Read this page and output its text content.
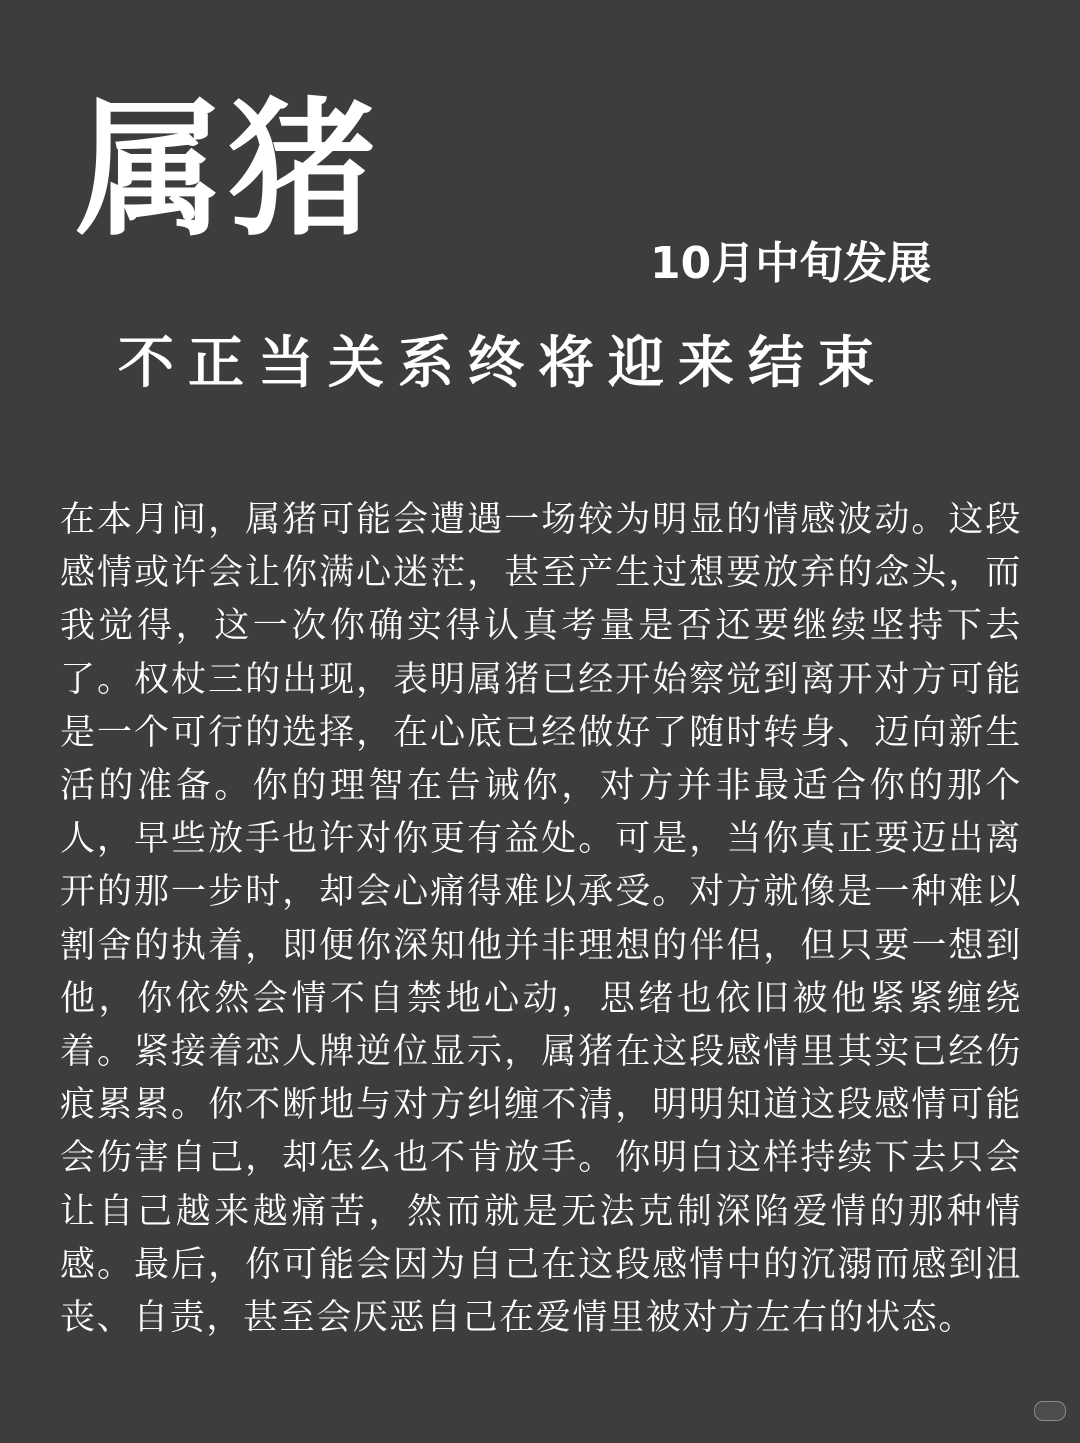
属猪
10月中旬发展
不正当关系终将迎来结束

在本月间，属猪可能会遭遇一场较为明显的情感波动。这段感情或许会让你满心迷茫，甚至产生过想要放弃的念头，而我觉得，这一次你确实得认真考量是否还要继续坚持下去了。权杖三的出现，表明属猪已经开始察觉到离开对方可能是一个可行的选择，在心底已经做好了随时转身、迈向新生活的准备。你的理智在告诫你，对方并非最适合你的那个人，早些放手也许对你更有益处。可是，当你真正要迈出离开的那一步时，却会心痛得难以承受。对方就像是一种难以割舍的执着，即便你深知他并非理想的伴侣，但只要一想到他，你依然会情不自禁地心动，思绪也依旧被他紧紧缠绕着。紧接着恋人牌逆位显示，属猪在这段感情里其实已经伤痕累累。你不断地与对方纠缠不清，明明知道这段感情可能会伤害自己，却怎么也不肯放手。你明白这样持续下去只会让自己越来越痛苦，然而就是无法克制深陷爱情的那种情感。最后，你可能会因为自己在这段感情中的沉溺而感到沮丧、自责，甚至会厌恶自己在爱情里被对方左右的状态。
